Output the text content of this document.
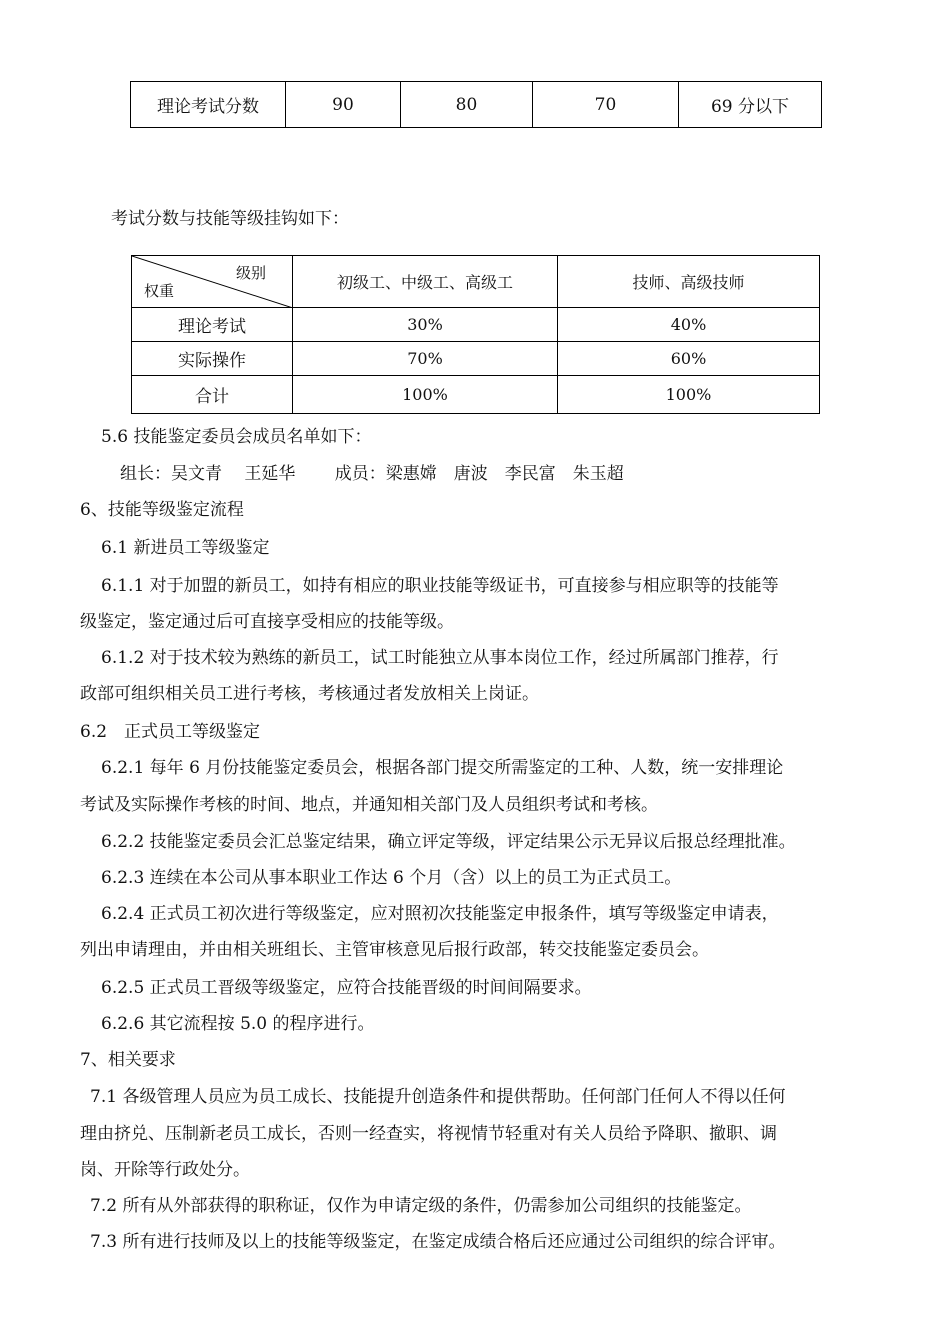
理论考试分数	90	80	70	69 分以下
考试分数与技能等级挂钩如下：
级别
权重	初级工、中级工、高级工	技师、高级技师
理论考试	30%	40%
实际操作	70%	60%
合计	100%	100%
5.6 技能鉴定委员会成员名单如下：
组长：吴文青　 王延华　　 成员：梁惠嫦　唐波　李民富　朱玉超
6、技能等级鉴定流程
6.1 新进员工等级鉴定
6.1.1 对于加盟的新员工，如持有相应的职业技能等级证书，可直接参与相应职等的技能等
级鉴定，鉴定通过后可直接享受相应的技能等级。
6.1.2 对于技术较为熟练的新员工，试工时能独立从事本岗位工作，经过所属部门推荐，行
政部可组织相关员工进行考核，考核通过者发放相关上岗证。
6.2　正式员工等级鉴定
6.2.1 每年 6 月份技能鉴定委员会，根据各部门提交所需鉴定的工种、人数，统一安排理论
考试及实际操作考核的时间、地点，并通知相关部门及人员组织考试和考核。
6.2.2 技能鉴定委员会汇总鉴定结果，确立评定等级，评定结果公示无异议后报总经理批准。
6.2.3 连续在本公司从事本职业工作达 6 个月（含）以上的员工为正式员工。
6.2.4 正式员工初次进行等级鉴定，应对照初次技能鉴定申报条件，填写等级鉴定申请表，
列出申请理由，并由相关班组长、主管审核意见后报行政部，转交技能鉴定委员会。
6.2.5 正式员工晋级等级鉴定，应符合技能晋级的时间间隔要求。
6.2.6 其它流程按 5.0 的程序进行。
7、相关要求
7.1 各级管理人员应为员工成长、技能提升创造条件和提供帮助。任何部门任何人不得以任何
理由挤兑、压制新老员工成长，否则一经查实，将视情节轻重对有关人员给予降职、撤职、调
岗、开除等行政处分。
7.2 所有从外部获得的职称证，仅作为申请定级的条件，仍需参加公司组织的技能鉴定。
7.3 所有进行技师及以上的技能等级鉴定，在鉴定成绩合格后还应通过公司组织的综合评审。
